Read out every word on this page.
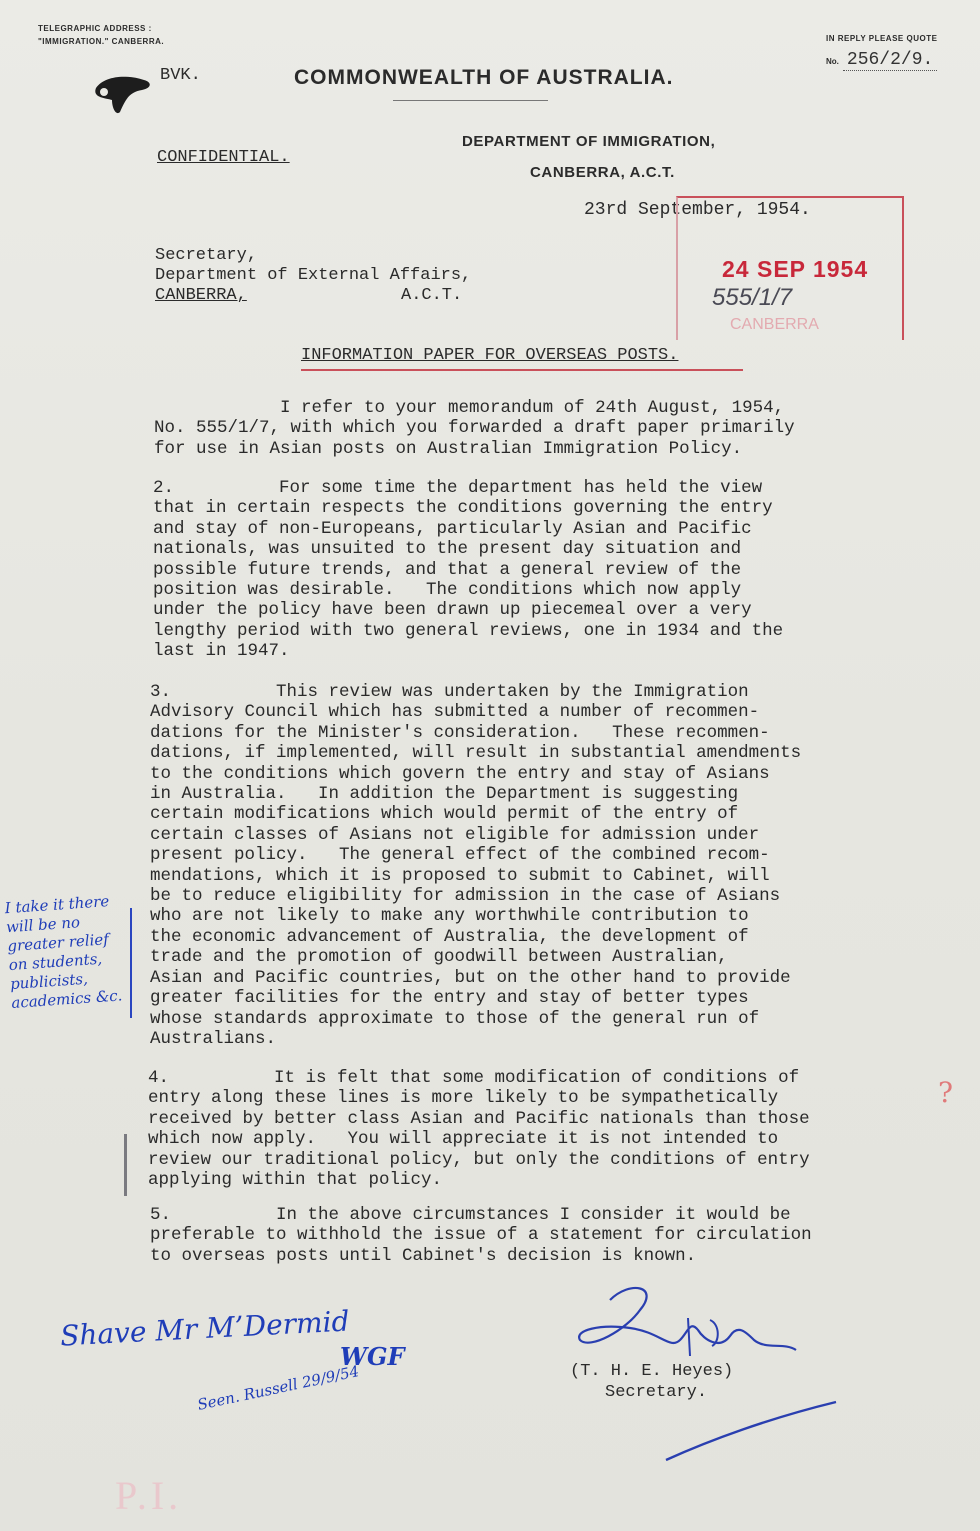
TELEGRAPHIC ADDRESS :
"IMMIGRATION." CANBERRA.	IN REPLY PLEASE QUOTE
No. 256/2/9.
BVK.	COMMONWEALTH OF AUSTRALIA.
CONFIDENTIAL.
DEPARTMENT OF IMMIGRATION,
CANBERRA, A.C.T.
23rd September, 1954.
24 SEP 1954
555/1/7
CANBERRA
Secretary,
Department of External Affairs,
CANBERRA,	A.C.T.
INFORMATION PAPER FOR OVERSEAS POSTS.
I refer to your memorandum of 24th August, 1954,
No. 555/1/7, with which you forwarded a draft paper primarily
for use in Asian posts on Australian Immigration Policy.
2.          For some time the department has held the view
that in certain respects the conditions governing the entry
and stay of non-Europeans, particularly Asian and Pacific
nationals, was unsuited to the present day situation and
possible future trends, and that a general review of the
position was desirable.   The conditions which now apply
under the policy have been drawn up piecemeal over a very
lengthy period with two general reviews, one in 1934 and the
last in 1947.
3.          This review was undertaken by the Immigration
Advisory Council which has submitted a number of recommen-
dations for the Minister's consideration.   These recommen-
dations, if implemented, will result in substantial amendments
to the conditions which govern the entry and stay of Asians
in Australia.   In addition the Department is suggesting
certain modifications which would permit of the entry of
certain classes of Asians not eligible for admission under
present policy.   The general effect of the combined recom-
mendations, which it is proposed to submit to Cabinet, will
be to reduce eligibility for admission in the case of Asians
who are not likely to make any worthwhile contribution to
the economic advancement of Australia, the development of
trade and the promotion of goodwill between Australian,
Asian and Pacific countries, but on the other hand to provide
greater facilities for the entry and stay of better types
whose standards approximate to those of the general run of
Australians.
4.          It is felt that some modification of conditions of
entry along these lines is more likely to be sympathetically
received by better class Asian and Pacific nationals than those
which now apply.   You will appreciate it is not intended to
review our traditional policy, but only the conditions of entry
applying within that policy.
5.          In the above circumstances I consider it would be
preferable to withhold the issue of a statement for circulation
to overseas posts until Cabinet's decision is known.
I take it there will be no greater relief on students, publicists, academics &c.
?
Shave Mr M’Dermid
WGF
Seen. Russell 29/9/54	(T. H. E. Heyes)
Secretary.
P.I.
